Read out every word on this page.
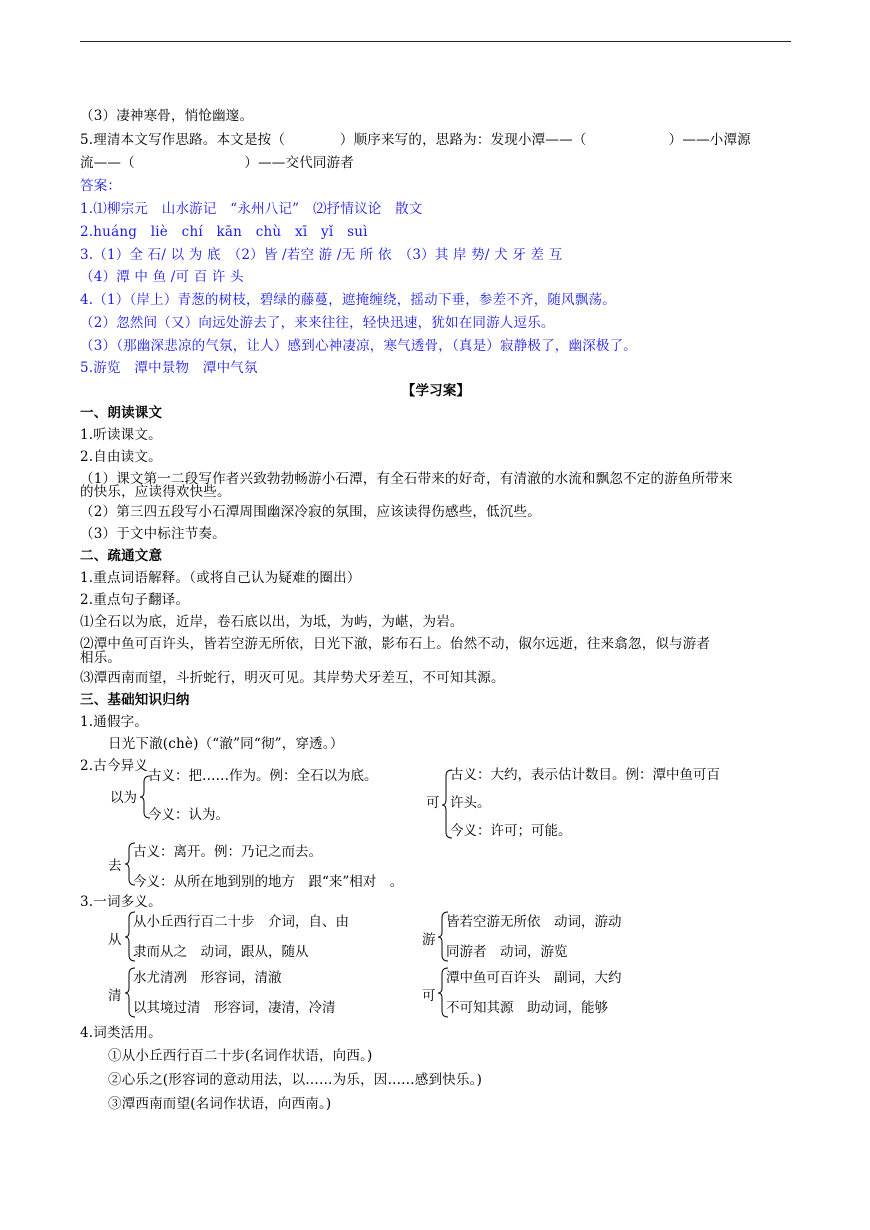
（3）凄神寒骨，悄怆幽邃。
5.理清本文写作思路。本文是按（　　　　）顺序来写的，思路为：发现小潭——（　　　　　　）——小潭源
流——（　　　　　　　　）——交代同游者
答案：
1.⑴柳宗元　山水游记　“永州八记”　⑵抒情议论　散文
2.huáng　liè　chí　kān　chù　xī　yǐ　suì
3.（1）全 石/ 以 为 底　（2）皆 /若空 游 /无 所 依　（3）其 岸 势/ 犬 牙 差 互
（4）潭 中 鱼 /可 百 许 头
4.（1）（岸上）青葱的树枝，碧绿的藤蔓，遮掩缠绕，摇动下垂，参差不齐，随风飘荡。
（2）忽然间（又）向远处游去了，来来往往，轻快迅速，犹如在同游人逗乐。
（3）（那幽深悲凉的气氛，让人）感到心神凄凉，寒气透骨，（真是）寂静极了，幽深极了。
5.游览　潭中景物　潭中气氛
【学习案】
一、朗读课文
1.听读课文。
2.自由读文。
（1）课文第一二段写作者兴致勃勃畅游小石潭，有全石带来的好奇，有清澈的水流和飘忽不定的游鱼所带来
的快乐，应读得欢快些。
（2）第三四五段写小石潭周围幽深冷寂的氛围，应该读得伤感些，低沉些。
（3）于文中标注节奏。
二、疏通文意
1.重点词语解释。（或将自己认为疑难的圈出）
2.重点句子翻译。
⑴全石以为底，近岸，卷石底以出，为坻，为屿，为嵁，为岩。
⑵潭中鱼可百许头，皆若空游无所依，日光下澈，影布石上。佁然不动，俶尔远逝，往来翕忽，似与游者
相乐。
⑶潭西南而望，斗折蛇行，明灭可见。其岸势犬牙差互，不可知其源。
三、基础知识归纳
1.通假字。
日光下澈(chè)（“澈”同“彻”，穿透。）
2.古今异义
以为
古义：把……作为。例：全石以为底。
今义：认为。
可
古义：大约，表示估计数目。例：潭中鱼可百
许头。
今义：许可；可能。
去
古义：离开。例：乃记之而去。
今义：从所在地到别的地方　跟“来”相对　。
3.一词多义。
从
从小丘西行百二十步　介词，自、由
隶而从之　动词，跟从，随从
游
皆若空游无所依　动词，游动
同游者　动词，游览
清
水尤清冽　形容词，清澈
以其境过清　形容词，凄清，冷清
可
潭中鱼可百许头　副词，大约
不可知其源　助动词，能够
4.词类活用。
①从小丘西行百二十步(名词作状语，向西。)
②心乐之(形容词的意动用法，以……为乐，因……感到快乐。)
③潭西南而望(名词作状语，向西南。)
